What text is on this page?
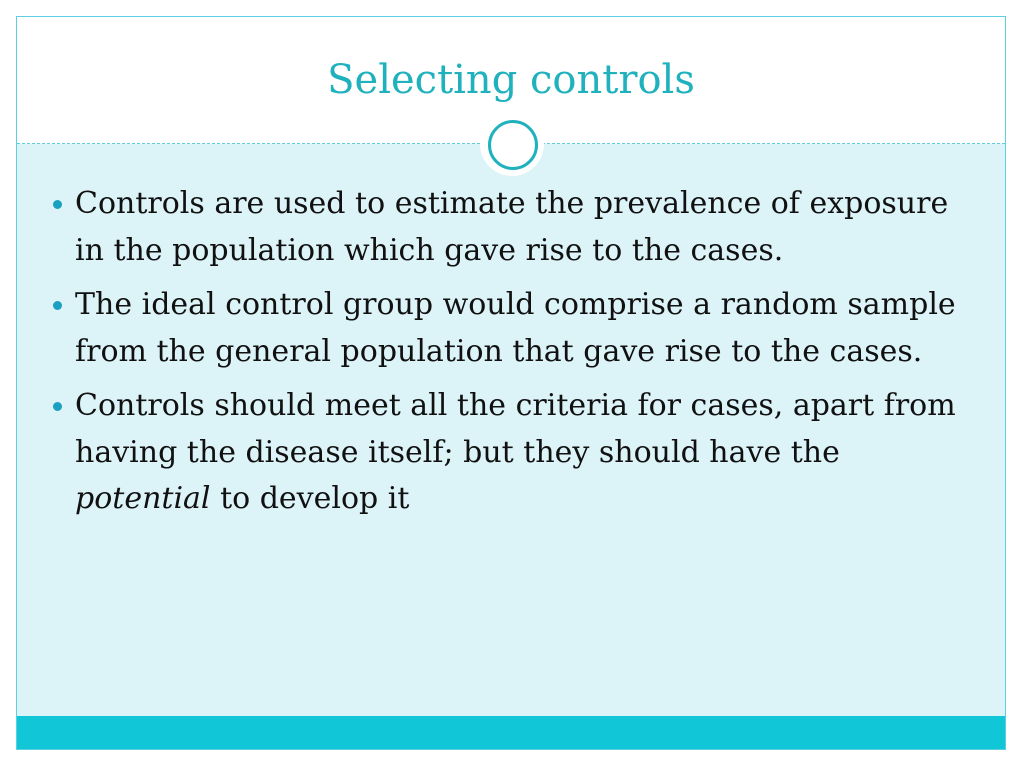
Selecting controls
Controls are used to estimate the prevalence of exposure in the population which gave rise to the cases.
The ideal control group would comprise a random sample from the general population that gave rise to the cases.
Controls should meet all the criteria for cases, apart from having the disease itself; but they should have the potential to develop it
